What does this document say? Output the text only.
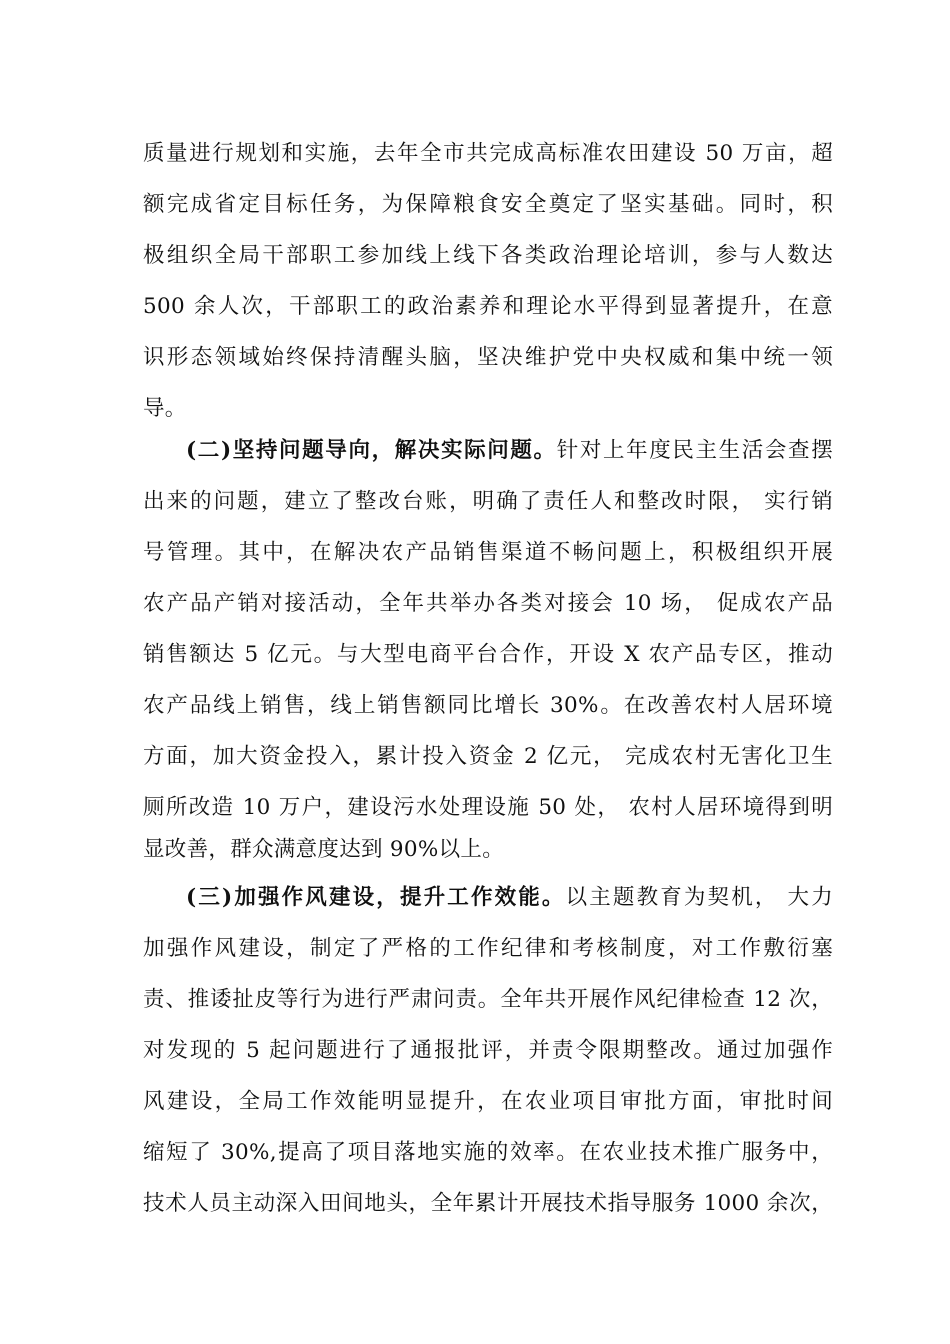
质量进行规划和实施，去年全市共完成高标准农田建设 50 万亩，超
额完成省定目标任务，为保障粮食安全奠定了坚实基础。同时，积
极组织全局干部职工参加线上线下各类政治理论培训，参与人数达
500 余人次，干部职工的政治素养和理论水平得到显著提升，在意
识形态领域始终保持清醒头脑，坚决维护党中央权威和集中统一领
导。
(二)坚持问题导向，解决实际问题。针对上年度民主生活会查摆
出来的问题，建立了整改台账，明确了责任人和整改时限， 实行销
号管理。其中，在解决农产品销售渠道不畅问题上，积极组织开展
农产品产销对接活动，全年共举办各类对接会 10 场， 促成农产品
销售额达 5 亿元。与大型电商平台合作，开设 X 农产品专区，推动
农产品线上销售，线上销售额同比增长 30%。在改善农村人居环境
方面，加大资金投入，累计投入资金 2 亿元， 完成农村无害化卫生
厕所改造 10 万户，建设污水处理设施 50 处， 农村人居环境得到明
显改善，群众满意度达到 90%以上。
(三)加强作风建设，提升工作效能。以主题教育为契机， 大力
加强作风建设，制定了严格的工作纪律和考核制度，对工作敷衍塞
责、推诿扯皮等行为进行严肃问责。全年共开展作风纪律检查 12 次，
对发现的 5 起问题进行了通报批评，并责令限期整改。通过加强作
风建设，全局工作效能明显提升，在农业项目审批方面，审批时间
缩短了 30%,提高了项目落地实施的效率。在农业技术推广服务中，
技术人员主动深入田间地头，全年累计开展技术指导服务 1000 余次，
